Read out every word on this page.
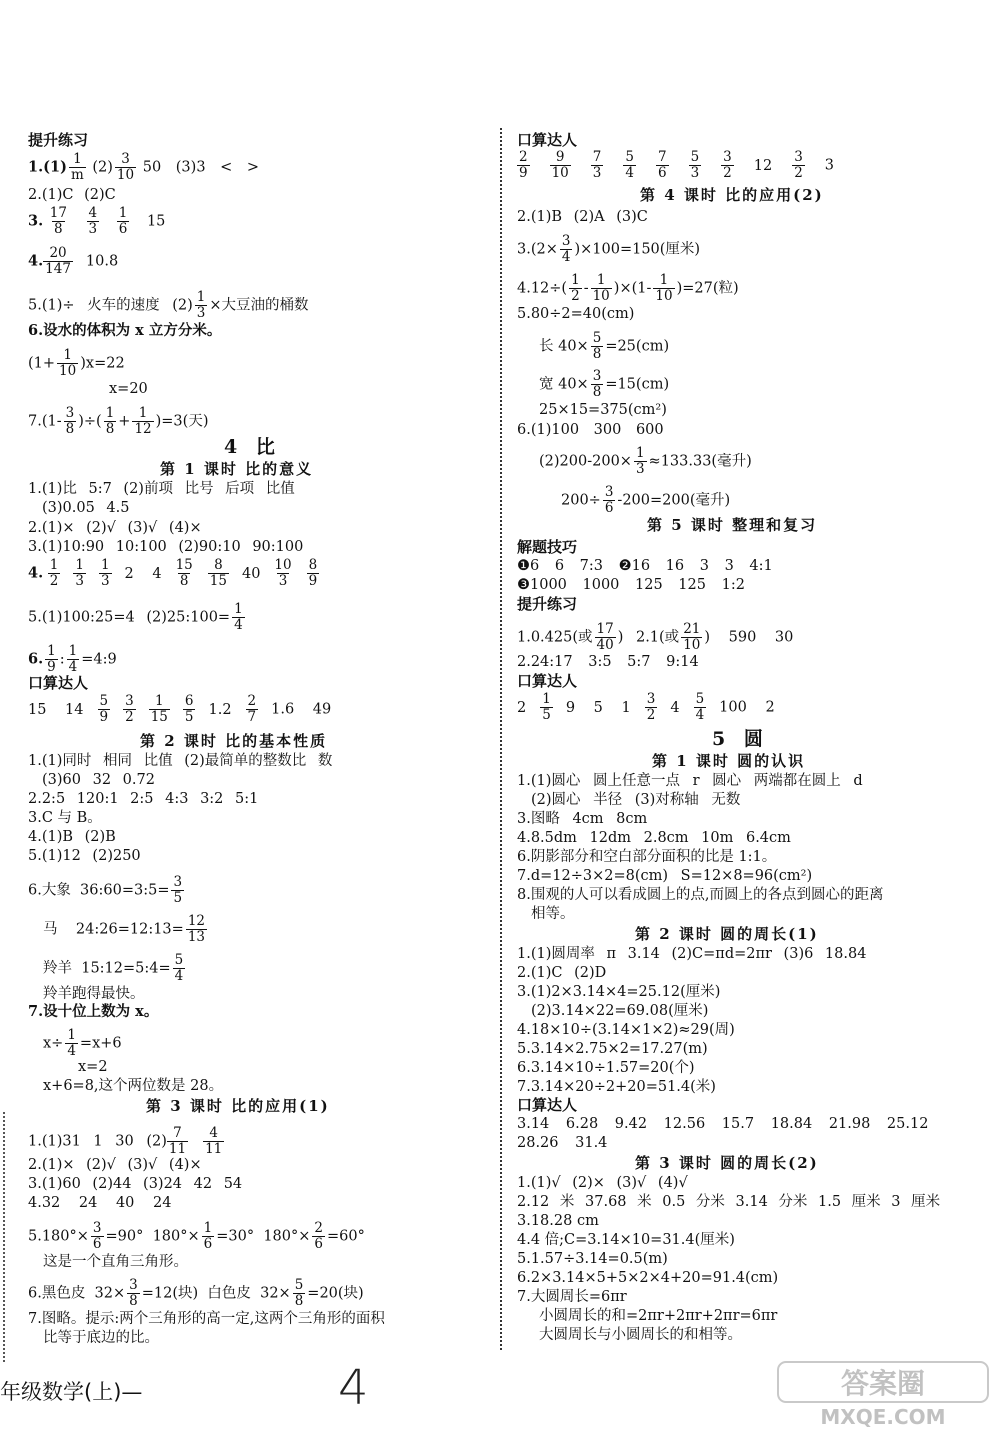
提升练习
$1.(1) \frac{1}{m} (2) \frac{3}{10} 50$ (3)3 < >
2.(1)C (2)C
3. $\frac{17}{8}$
$\frac{4}{3}$
$\frac{1}{6} 15$
4. $\frac{20}{147} 10.8$
5.(1)÷ 火车的速度 $(2) \frac{1}{3}$ ×大豆油的桶数
6.设水的体积为 x 立方分米。
$(1+ \frac{1}{10} )x=22$
x=20
$7.(1- \frac{3}{8}$ )÷( $\frac{1}{8} + \frac{1}{12} )=3$(天)
4 比
第 1 课时 比的意义
1.(1)比 5:7 (2)前项 比号 后项 比值
(3)0.05 4.5
2.(1)× (2)√ (3)√ (4)×
3.(1)10:90 10:100 (2)90:10 90:100
4. $\frac{1}{2} \frac{1}{3} \frac{1}{3} 2$ $4 \frac{15}{8} \frac{8}{15} 40 \frac{10}{3} \frac{8}{9}$
5.(1)100:25=4 (2)25:100= $\frac{1}{4}$
6. $\frac{1}{9}$ : $\frac{1}{4}$ =4:9
口算达人
15 $14 \frac{5}{9} \frac{3}{2} \frac{1}{15} \frac{6}{5} 1.2 \frac{2}{7} 1.6$ 49
第 2 课时 比的基本性质
1.(1)同时 相同 比值 (2)最简单的整数比 数
(3)60 32 0.72
2.2:5 120:1 2:5 4:3 3:2 5:1
3.C 与 B。
4.(1)B (2)B
5.(1)12 (2)250
6.大象  36:60=3:5= $\frac{3}{5}$
马    24:26=12:13= $\frac{12}{13}$
羚羊  15:12=5:4= $\frac{5}{4}$
羚羊跑得最快。
7.设十位上数为 x。
$x\div \frac{1}{4} =x+6$
x=2
x+6=8,这个两位数是 28。
第 3 课时 比的应用(1)
1.(1)31 1 30 $(2) \frac{7}{11} \frac{4}{11}$
2.(1)× (2)√ (3)√ (4)×
3.(1)60 (2)44 (3)24 42 54
4.32 24 40 24
$5.180^\circ\times \frac{3}{6} =90^\circ$  $180^\circ\times \frac{1}{6} =30^\circ$  $180^\circ\times \frac{2}{6} =60^\circ$
这是一个直角三角形。
6.黑色皮  $32\times \frac{3}{8} =12$(块)  白色皮  $32\times \frac{5}{8} =20$(块)
7.图略。提示:两个三角形的高一定,这两个三角形的面积
比等于底边的比。
口算达人
$\frac{2}{9} \frac{9}{10} \frac{7}{3} \frac{5}{4} \frac{7}{6} \frac{5}{3} \frac{3}{2} 12 \frac{3}{2} 3$
第 4 课时 比的应用(2)
2.(1)B (2)A (3)C
$3.(2\times \frac{3}{4} )\times 100=150$(厘米)
$4.12\div( \frac{1}{2} - \frac{1}{10} )\times(1- \frac{1}{10} )=27$(粒)
5.80÷2=40(cm)
长 $40\times \frac{5}{8} =25(cm)$
宽 $40\times \frac{3}{8} =15(cm)$
25×15=375(cm²)
6.(1)100 300 600
$(2)200-200\times \frac{1}{3} \approx 133.33$(毫升)
$200\div \frac{3}{6} -200=200$(毫升)
第 5 课时 整理和复习
解题技巧
❶6 6 7:3 ❷16 16 3 3 4:1
❸1000 1000 125 125 1:2
提升练习
1.0.425(或 $\frac{17}{40}$ ) 2.1(或 $\frac{21}{10}$ ) 590 30
2.24:17 3:5 5:7 9:14
口算达人
$2 \frac{1}{5} 9$ 5 $1 \frac{3}{2} 4 \frac{5}{4} 100$ 2
5 圆
第 1 课时 圆的认识
1.(1)圆心 圆上任意一点 r 圆心 两端都在圆上 d
(2)圆心 半径 (3)对称轴 无数
3.图略 4cm 8cm
4.8.5dm 12dm 2.8cm 10m 6.4cm
6.阴影部分和空白部分面积的比是 1:1。
7.d=12÷3×2=8(cm) S=12×8=96(cm²)
8.围观的人可以看成圆上的点,而圆上的各点到圆心的距离
相等。
第 2 课时 圆的周长(1)
1.(1)圆周率 π 3.14 (2)C=πd=2πr (3)6 18.84
2.(1)C (2)D
3.(1)2×3.14×4=25.12(厘米)
(2)3.14×22=69.08(厘米)
4.18×10÷(3.14×1×2)≈29(周)
5.3.14×2.75×2=17.27(m)
6.3.14×10÷1.57=20(个)
7.3.14×20÷2+20=51.4(米)
口算达人
3.14 6.28 9.42 12.56 15.7 18.84 21.98 25.12
28.26 31.4
第 3 课时 圆的周长(2)
1.(1)√ (2)× (3)√ (4)√
2.12 米 37.68 米 0.5 分米 3.14 分米 1.5 厘米 3 厘米
3.18.28 cm
4.4 倍;C=3.14×10=31.4(厘米)
5.1.57÷3.14=0.5(m)
6.2×3.14×5+5×2×4+20=91.4(cm)
7.大圆周长=6πr
小圆周长的和=2πr+2πr+2πr=6πr
大圆周长与小圆周长的和相等。
年级数学(上)—	4	答案圈
MXQE.COM
